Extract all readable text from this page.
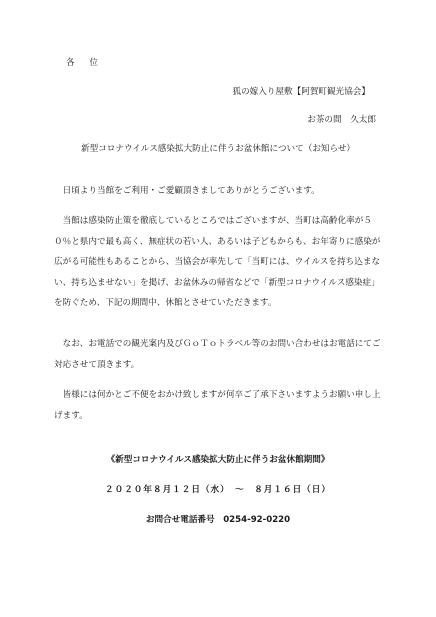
各 位
狐の嫁入り屋敷【阿賀町観光協会】
お茶の間　久太郎
新型コロナウイルス感染拡大防止に伴うお盆休館について（お知らせ）

日頃より当館をご利用・ご愛顧頂きましてありがとうございます。

当館は感染防止策を徹底しているところではございますが、当町は高齢化率が５０％と県内で最も高く、無症状の若い人、あるいは子どもからも、お年寄りに感染が広がる可能性もあることから、当協会が率先して「当町には、ウイルスを持ち込まない、持ち込ませない」を掲げ、お盆休みの帰省などで「新型コロナウイルス感染症」を防ぐため、下記の期間中、休館とさせていただきます。

なお、お電話での観光案内及びＧｏＴｏトラベル等のお問い合わせはお電話にてご対応させて頂きます。

皆様には何かとご不便をおかけ致しますが何卒ご了承下さいますようお願い申し上げます。

《新型コロナウイルス感染拡大防止に伴うお盆休館期間》
２０２０年８月１２日（水）　～　８月１６日（日）
お問合せ電話番号　0254-92-0220
